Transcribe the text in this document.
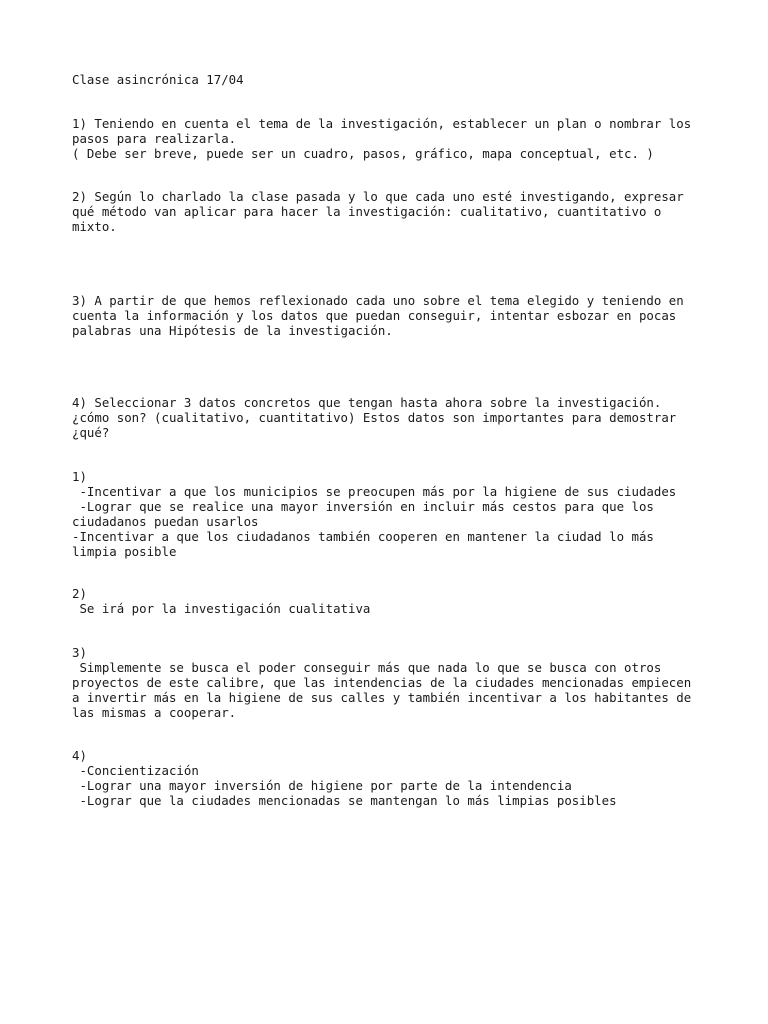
Clase asincrónica 17/04

1) Teniendo en cuenta el tema de la investigación, establecer un plan o nombrar los
pasos para realizarla.
( Debe ser breve, puede ser un cuadro, pasos, gráfico, mapa conceptual, etc. )

2) Según lo charlado la clase pasada y lo que cada uno esté investigando, expresar
qué método van aplicar para hacer la investigación: cualitativo, cuantitativo o
mixto.

3) A partir de que hemos reflexionado cada uno sobre el tema elegido y teniendo en
cuenta la información y los datos que puedan conseguir, intentar esbozar en pocas
palabras una Hipótesis de la investigación.

4) Seleccionar 3 datos concretos que tengan hasta ahora sobre la investigación.
¿cómo son? (cualitativo, cuantitativo) Estos datos son importantes para demostrar
¿qué?

1)
-Incentivar a que los municipios se preocupen más por la higiene de sus ciudades
-Lograr que se realice una mayor inversión en incluir más cestos para que los
ciudadanos puedan usarlos
-Incentivar a que los ciudadanos también cooperen en mantener la ciudad lo más
limpia posible

2)
Se irá por la investigación cualitativa

3)
Simplemente se busca el poder conseguir más que nada lo que se busca con otros
proyectos de este calibre, que las intendencias de la ciudades mencionadas empiecen
a invertir más en la higiene de sus calles y también incentivar a los habitantes de
las mismas a cooperar.

4)
-Concientización
-Lograr una mayor inversión de higiene por parte de la intendencia
-Lograr que la ciudades mencionadas se mantengan lo más limpias posibles
